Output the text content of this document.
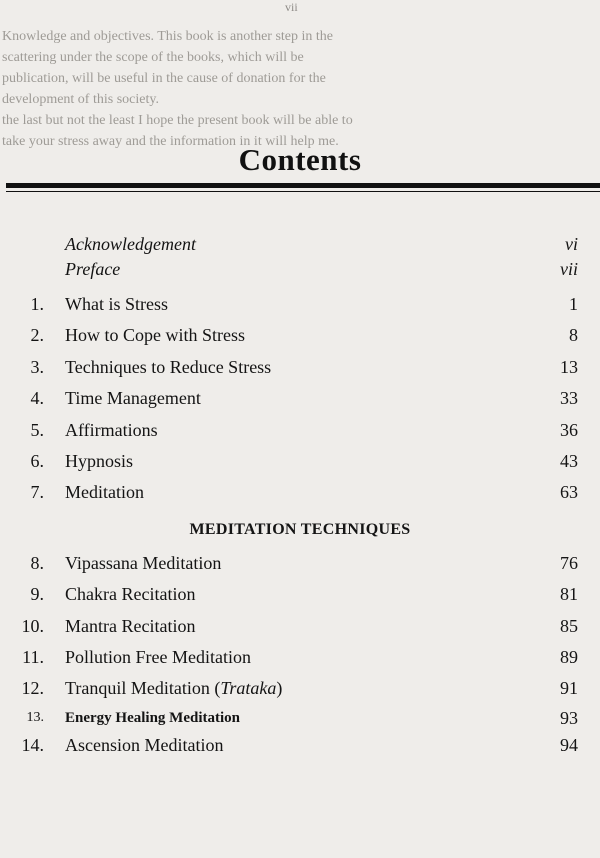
vii
Knowledge and objectives. This book is another step in the
scattering under the scope of the books, which will be
publication, will be useful in the cause of donation for the
development of this society.
the last but not the least I hope the present book will be able to
take your stress away and the information in it will help me.
Contents
Acknowledgement	vi
Preface	vii
1. What is Stress	1
2. How to Cope with Stress	8
3. Techniques to Reduce Stress	13
4. Time Management	33
5. Affirmations	36
6. Hypnosis	43
7. Meditation	63
MEDITATION TECHNIQUES
8. Vipassana Meditation	76
9. Chakra Recitation	81
10. Mantra Recitation	85
11. Pollution Free Meditation	89
12. Tranquil Meditation (Trataka)	91
13. Energy Healing Meditation	93
14. Ascension Meditation	94
